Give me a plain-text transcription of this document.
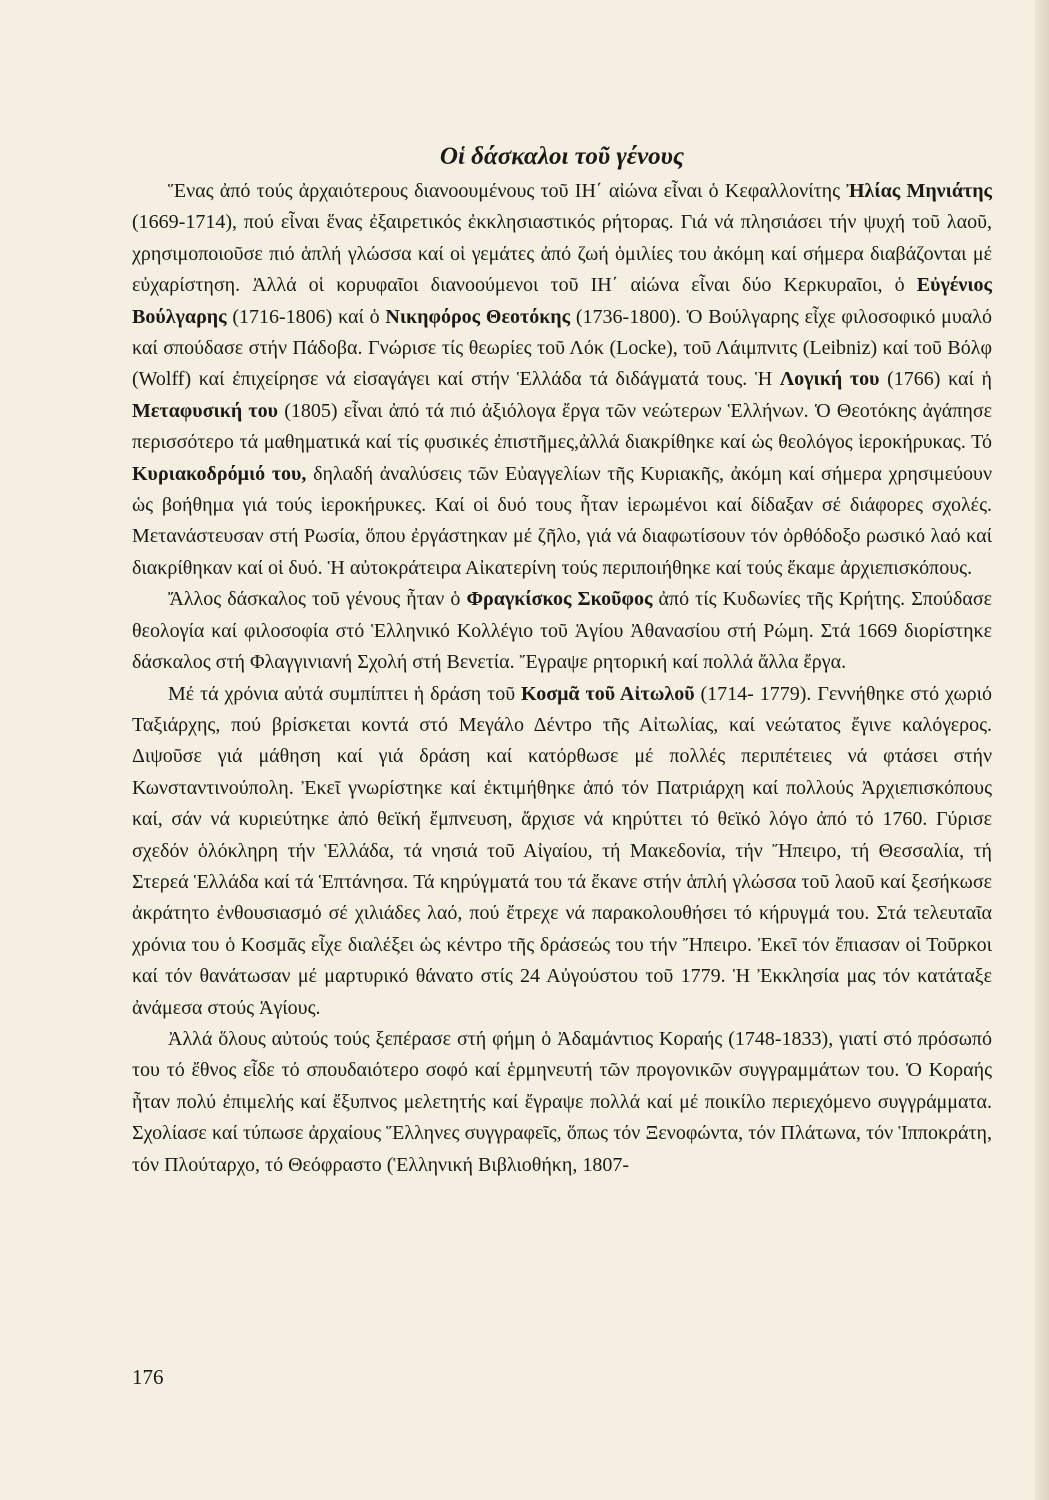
Οἱ δάσκαλοι τοῦ γένους

Ἕνας ἀπό τούς ἀρχαιότερους διανοουμένους τοῦ ΙΗ΄ αἰώνα εἶναι ὁ Κεφαλλονίτης Ἠλίας Μηνιάτης (1669-1714), πού εἶναι ἕνας ἐξαιρετικός ἐκκλησιαστικός ρήτορας. Γιά νά πλησιάσει τήν ψυχή τοῦ λαοῦ, χρησιμοποιοῦσε πιό ἁπλή γλώσσα καί οἱ γεμάτες ἀπό ζωή ὁμιλίες του ἀκόμη καί σήμερα διαβάζονται μέ εὐχαρίστηση. Ἀλλά οἱ κορυφαῖοι διανοούμενοι τοῦ ΙΗ΄ αἰώνα εἶναι δύο Κερκυραῖοι, ὁ Εὐγένιος Βούλγαρης (1716-1806) καί ὁ Νικηφόρος Θεοτόκης (1736-1800). Ὁ Βούλγαρης εἶχε φιλοσοφικό μυαλό καί σπούδασε στήν Πάδοβα. Γνώρισε τίς θεωρίες τοῦ Λόκ (Locke), τοῦ Λάιμπνιτς (Leibniz) καί τοῦ Βόλφ (Wolff) καί ἐπιχείρησε νά εἰσαγάγει καί στήν Ἑλλάδα τά διδάγματά τους. Ἡ Λογική του (1766) καί ἡ Μεταφυσική του (1805) εἶναι ἀπό τά πιό ἀξιόλογα ἔργα τῶν νεώτερων Ἑλλήνων. Ὁ Θεοτόκης ἀγάπησε περισσότερο τά μαθηματικά καί τίς φυσικές ἐπιστῆμες,ἀλλά διακρίθηκε καί ὡς θεολόγος ἱεροκήρυκας. Τό Κυριακοδρόμιό του, δηλαδή ἀναλύσεις τῶν Εὐαγγελίων τῆς Κυριακῆς, ἀκόμη καί σήμερα χρησιμεύουν ὡς βοήθημα γιά τούς ἱεροκήρυκες. Καί οἱ δυό τους ἦταν ἱερωμένοι καί δίδαξαν σέ διάφορες σχολές. Μετανάστευσαν στή Ρωσία, ὅπου ἐργάστηκαν μέ ζῆλο, γιά νά διαφωτίσουν τόν ὀρθόδοξο ρωσικό λαό καί διακρίθηκαν καί οἱ δυό. Ἡ αὐτοκράτειρα Αἰκατερίνη τούς περιποιήθηκε καί τούς ἔκαμε ἀρχιεπισκόπους.

Ἄλλος δάσκαλος τοῦ γένους ἦταν ὁ Φραγκίσκος Σκοῦφος ἀπό τίς Κυδωνίες τῆς Κρήτης. Σπούδασε θεολογία καί φιλοσοφία στό Ἑλληνικό Κολλέγιο τοῦ Ἁγίου Ἀθανασίου στή Ρώμη. Στά 1669 διορίστηκε δάσκαλος στή Φλαγγινιανή Σχολή στή Βενετία. Ἔγραψε ρητορική καί πολλά ἄλλα ἔργα.

Μέ τά χρόνια αὐτά συμπίπτει ἡ δράση τοῦ Κοσμᾶ τοῦ Αἰτωλοῦ (1714- 1779). Γεννήθηκε στό χωριό Ταξιάρχης, πού βρίσκεται κοντά στό Μεγάλο Δέντρο τῆς Αἰτωλίας, καί νεώτατος ἔγινε καλόγερος. Διψοῦσε γιά μάθηση καί γιά δράση καί κατόρθωσε μέ πολλές περιπέτειες νά φτάσει στήν Κωνσταντινούπολη. Ἐκεῖ γνωρίστηκε καί ἐκτιμήθηκε ἀπό τόν Πατριάρχη καί πολλούς Ἀρχιεπισκόπους καί, σάν νά κυριεύτηκε ἀπό θεϊκή ἔμπνευση, ἄρχισε νά κηρύττει τό θεϊκό λόγο ἀπό τό 1760. Γύρισε σχεδόν ὁλόκληρη τήν Ἑλλάδα, τά νησιά τοῦ Αἰγαίου, τή Μακεδονία, τήν Ἤπειρο, τή Θεσσαλία, τή Στερεά Ἑλλάδα καί τά Ἑπτάνησα. Τά κηρύγματά του τά ἔκανε στήν ἁπλή γλώσσα τοῦ λαοῦ καί ξεσήκωσε ἀκράτητο ἐνθουσιασμό σέ χιλιάδες λαό, πού ἔτρεχε νά παρακολουθήσει τό κήρυγμά του. Στά τελευταῖα χρόνια του ὁ Κοσμᾶς εἶχε διαλέξει ὡς κέντρο τῆς δράσεώς του τήν Ἤπειρο. Ἐκεῖ τόν ἔπιασαν οἱ Τοῦρκοι καί τόν θανάτωσαν μέ μαρτυρικό θάνατο στίς 24 Αὐγούστου τοῦ 1779. Ἡ Ἐκκλησία μας τόν κατάταξε ἀνάμεσα στούς Ἁγίους.

Ἀλλά ὅλους αὐτούς τούς ξεπέρασε στή φήμη ὁ Ἀδαμάντιος Κοραής (1748-1833), γιατί στό πρόσωπό του τό ἔθνος εἶδε τό σπουδαιότερο σοφό καί ἑρμηνευτή τῶν προγονικῶν συγγραμμάτων του. Ὁ Κοραής ἦταν πολύ ἐπιμελής καί ἔξυπνος μελετητής καί ἔγραψε πολλά καί μέ ποικίλο περιεχόμενο συγγράμματα. Σχολίασε καί τύπωσε ἀρχαίους Ἕλληνες συγγραφεῖς, ὅπως τόν Ξενοφώντα, τόν Πλάτωνα, τόν Ἱπποκράτη, τόν Πλούταρχο, τό Θεόφραστο (Ἑλληνική Βιβλιοθήκη, 1807-

176
